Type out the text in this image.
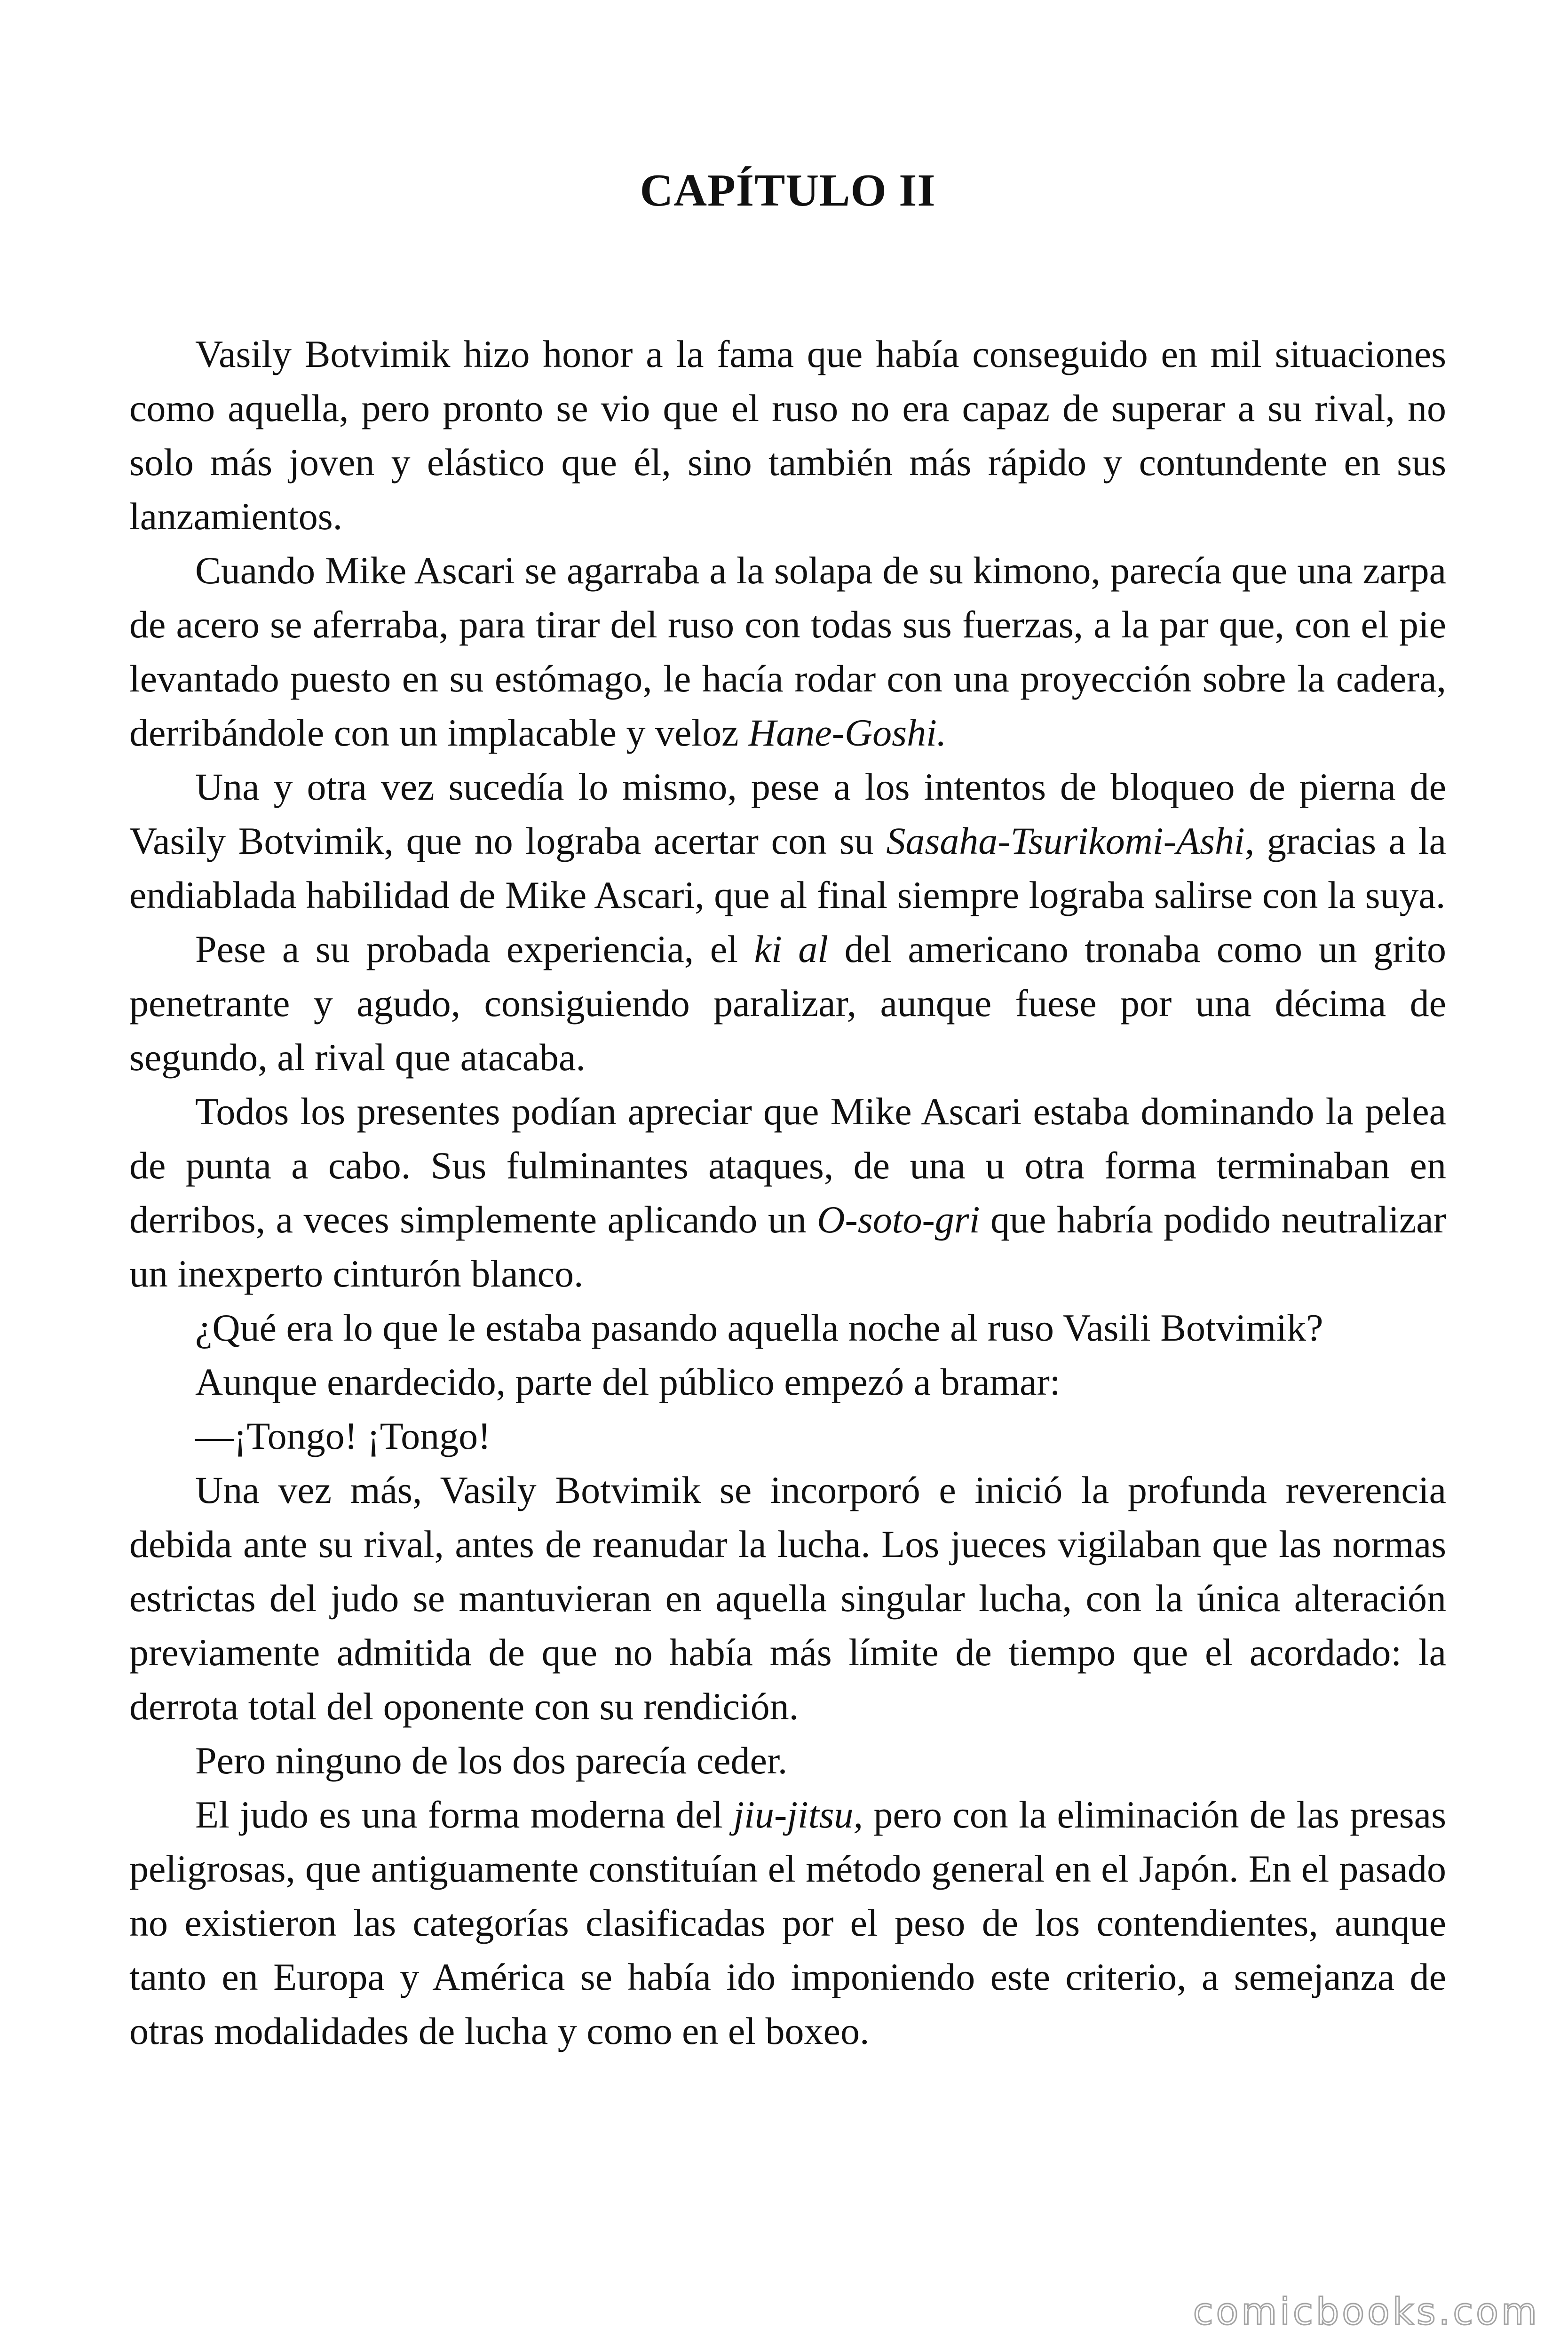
CAPÍTULO II

Vasily Botvimik hizo honor a la fama que había conseguido en mil situaciones como aquella, pero pronto se vio que el ruso no era capaz de superar a su rival, no solo más joven y elástico que él, sino también más rápido y contundente en sus lanzamientos.

Cuando Mike Ascari se agarraba a la solapa de su kimono, parecía que una zarpa de acero se aferraba, para tirar del ruso con todas sus fuerzas, a la par que, con el pie levantado puesto en su estómago, le hacía rodar con una proyección sobre la cadera, derribándole con un implacable y veloz Hane-Goshi.

Una y otra vez sucedía lo mismo, pese a los intentos de bloqueo de pierna de Vasily Botvimik, que no lograba acertar con su Sasaha-Tsurikomi-Ashi, gracias a la endiablada habilidad de Mike Ascari, que al final siempre lograba salirse con la suya.

Pese a su probada experiencia, el ki al del americano tronaba como un grito penetrante y agudo, consiguiendo paralizar, aunque fuese por una décima de segundo, al rival que atacaba.

Todos los presentes podían apreciar que Mike Ascari estaba dominando la pelea de punta a cabo. Sus fulminantes ataques, de una u otra forma terminaban en derribos, a veces simplemente aplicando un O-soto-gri que habría podido neutralizar un inexperto cinturón blanco.

¿Qué era lo que le estaba pasando aquella noche al ruso Vasili Botvimik?

Aunque enardecido, parte del público empezó a bramar:

—¡Tongo! ¡Tongo!

Una vez más, Vasily Botvimik se incorporó e inició la profunda reverencia debida ante su rival, antes de reanudar la lucha. Los jueces vigilaban que las normas estrictas del judo se mantuvieran en aquella singular lucha, con la única alteración previamente admitida de que no había más límite de tiempo que el acordado: la derrota total del oponente con su rendición.

Pero ninguno de los dos parecía ceder.

El judo es una forma moderna del jiu-jitsu, pero con la eliminación de las presas peligrosas, que antiguamente constituían el método general en el Japón. En el pasado no existieron las categorías clasificadas por el peso de los contendientes, aunque tanto en Europa y América se había ido imponiendo este criterio, a semejanza de otras modalidades de lucha y como en el boxeo.

comicbooks.com
